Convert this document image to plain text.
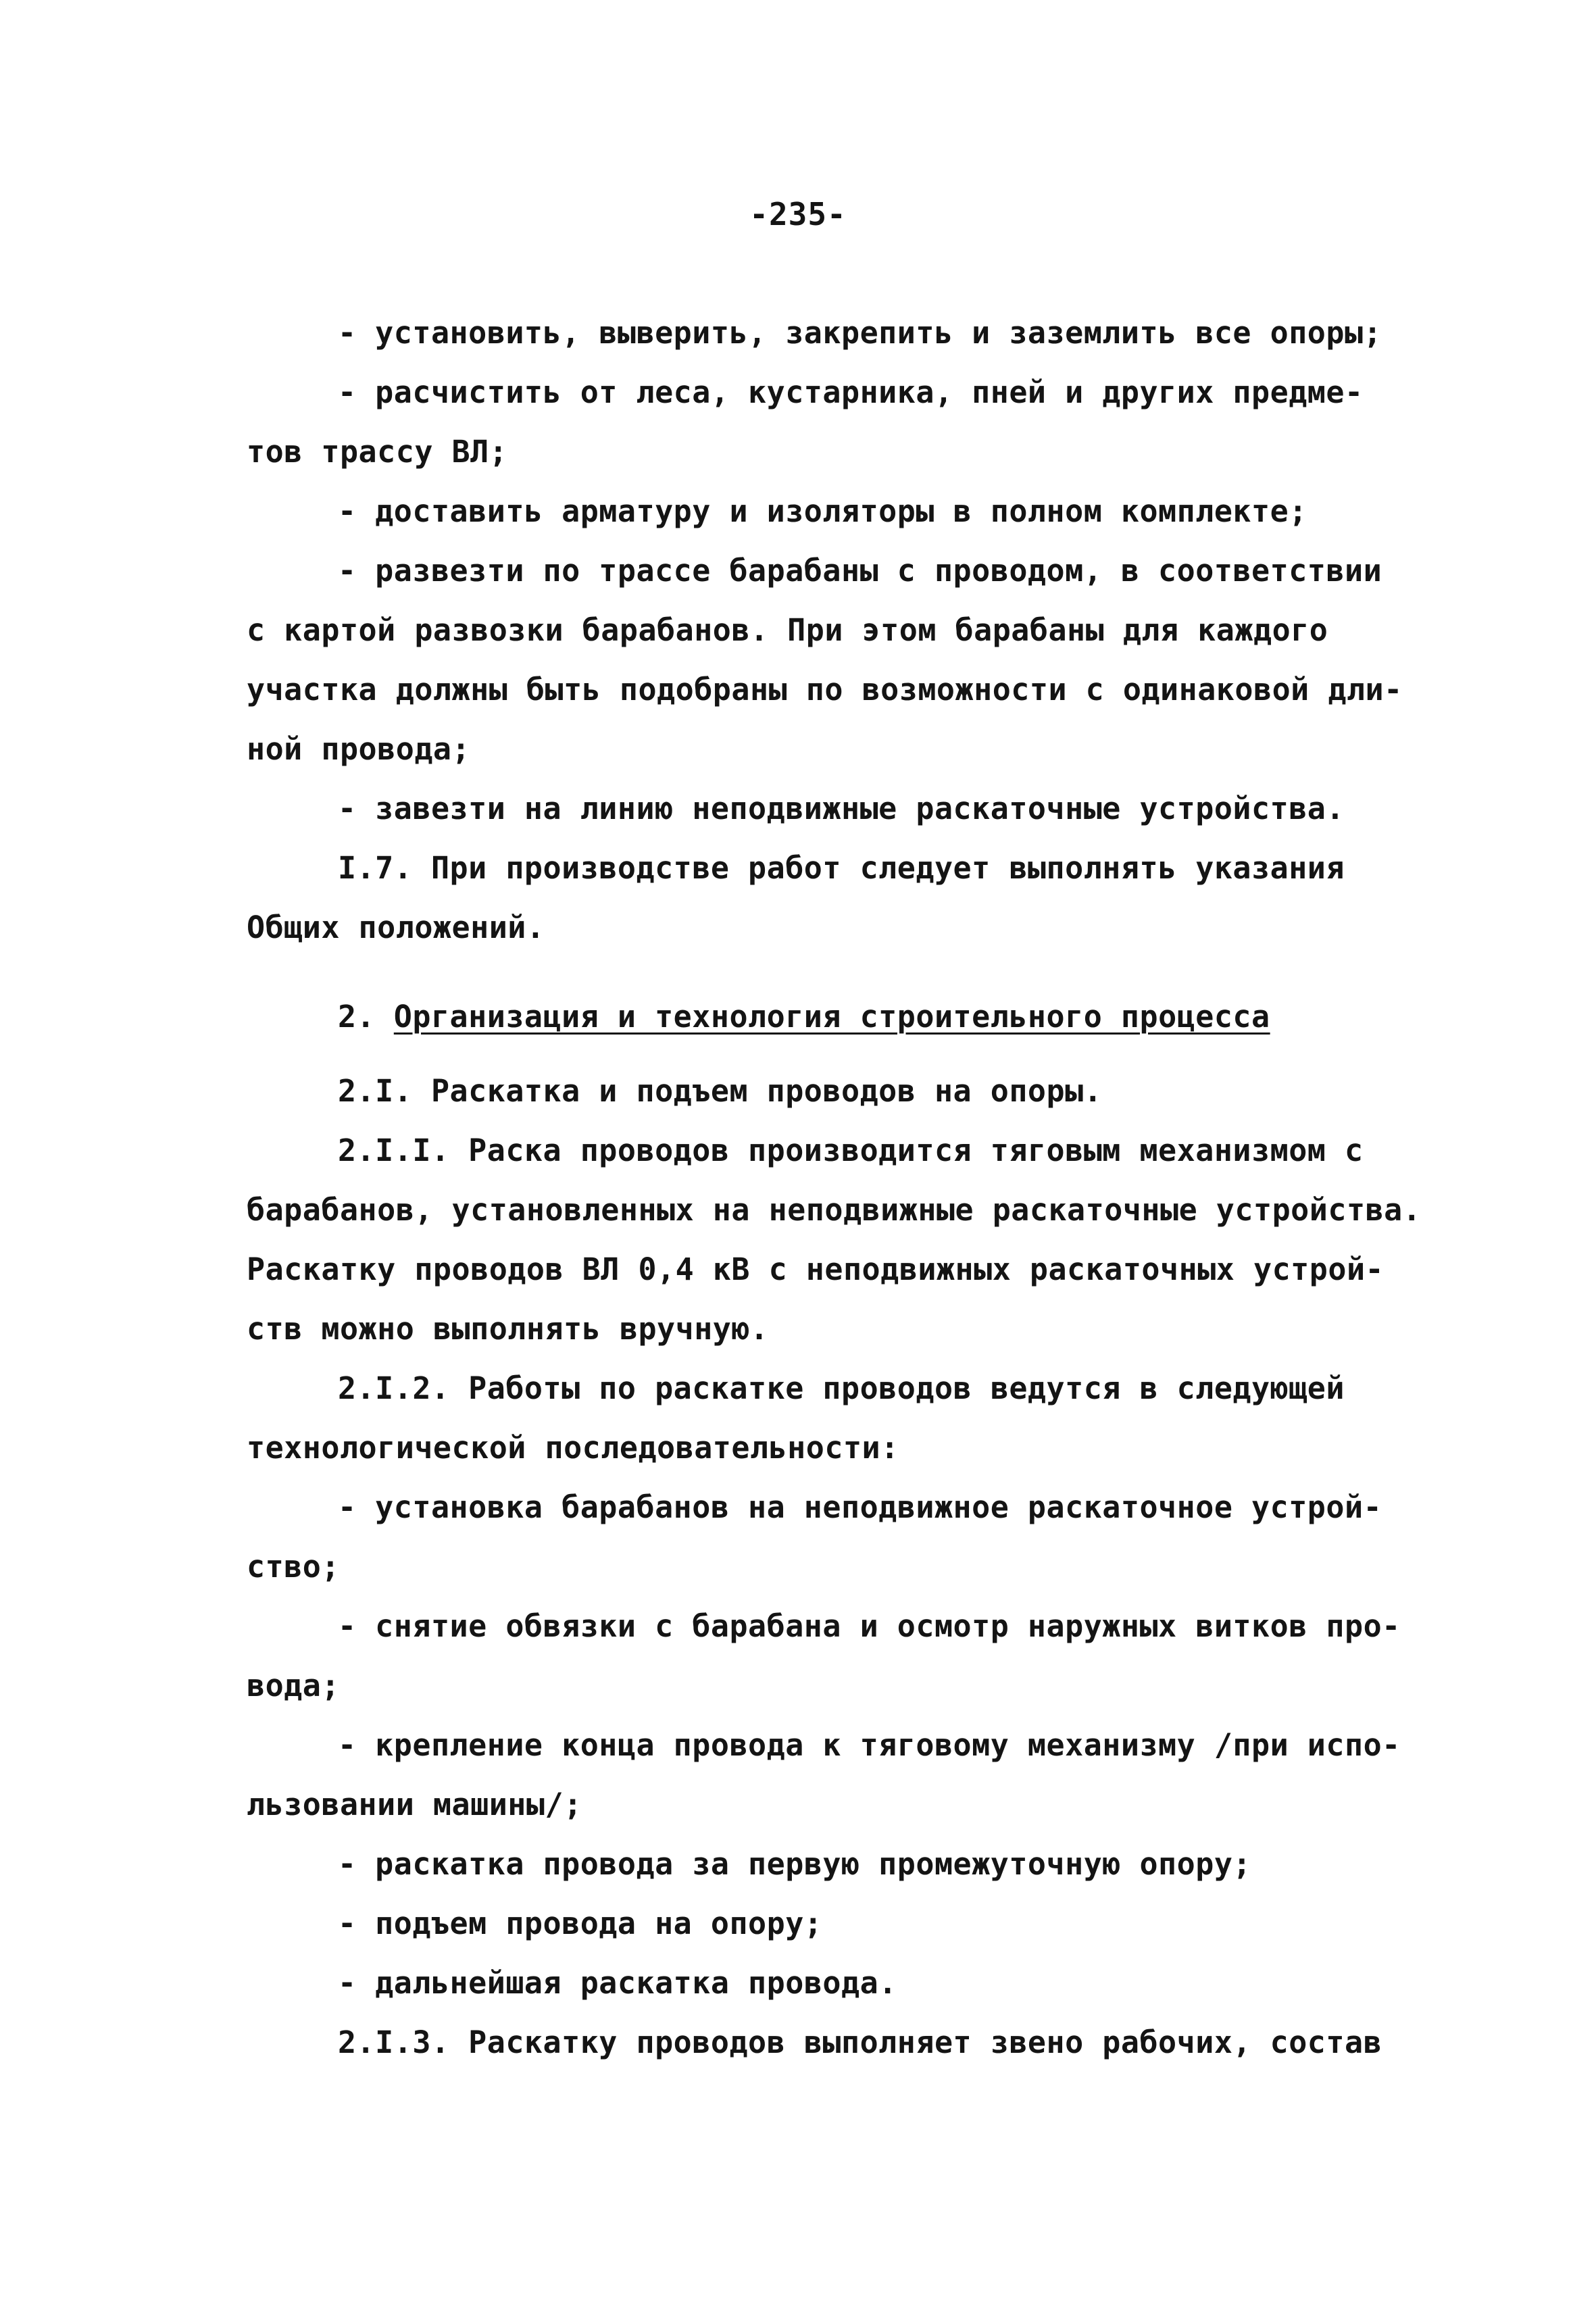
-235-
- установить, выверить, закрепить и заземлить все опоры;
- расчистить от леса, кустарника, пней и других предме-
тов трассу ВЛ;
- доставить арматуру и изоляторы в полном комплекте;
- развезти по трассе барабаны с проводом, в соответствии
с картой развозки барабанов. При этом барабаны для каждого
участка должны быть подобраны по возможности с одинаковой дли-
ной провода;
- завезти на линию неподвижные раскаточные устройства.
I.7. При производстве работ следует выполнять указания
Общих положений.
2. Организация и технология строительного процесса
2.I. Раскатка и подъем проводов на опоры.
2.I.I. Раска проводов производится тяговым механизмом с
барабанов, установленных на неподвижные раскаточные устройства.
Раскатку проводов ВЛ 0,4 кВ с неподвижных раскаточных устрой-
ств можно выполнять вручную.
2.I.2. Работы по раскатке проводов ведутся в следующей
технологической последовательности:
- установка барабанов на неподвижное раскаточное устрой-
ство;
- снятие обвязки с барабана и осмотр наружных витков про-
вода;
- крепление конца провода к тяговому механизму /при испо-
льзовании машины/;
- раскатка провода за первую промежуточную опору;
- подъем провода на опору;
- дальнейшая раскатка провода.
2.I.3. Раскатку проводов выполняет звено рабочих, состав
